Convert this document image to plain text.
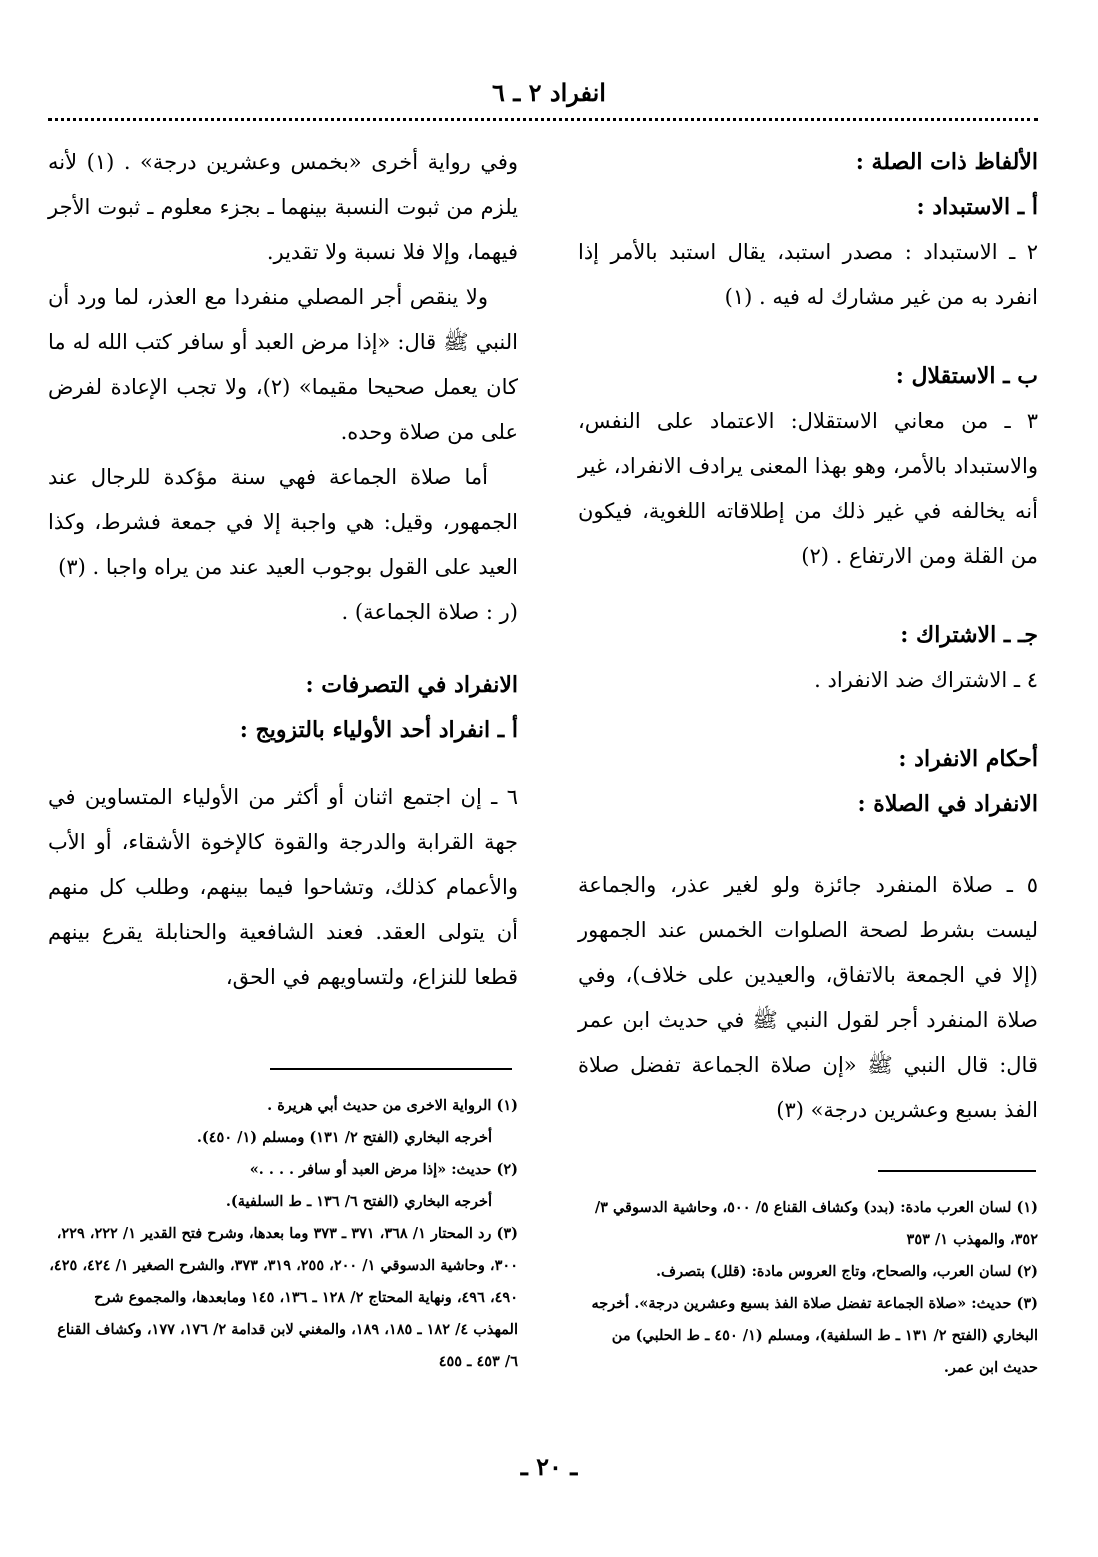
انفراد ٢ ـ ٦

الألفاظ ذات الصلة :

أ ـ الاستبداد :

٢ ـ الاستبداد : مصدر استبد، يقال استبد بالأمر إذا انفرد به من غير مشارك له فيه . (١)

ب ـ الاستقلال :

٣ ـ من معاني الاستقلال: الاعتماد على النفس، والاستبداد بالأمر، وهو بهذا المعنى يرادف الانفراد، غير أنه يخالفه في غير ذلك من إطلاقاته اللغوية، فيكون من القلة ومن الارتفاع . (٢)

جـ ـ الاشتراك :

٤ ـ الاشتراك ضد الانفراد .

أحكام الانفراد :

الانفراد في الصلاة :

٥ ـ صلاة المنفرد جائزة ولو لغير عذر، والجماعة ليست بشرط لصحة الصلوات الخمس عند الجمهور (إلا في الجمعة بالاتفاق، والعيدين على خلاف)، وفي صلاة المنفرد أجر لقول النبي ﷺ في حديث ابن عمر قال: قال النبي ﷺ «إن صلاة الجماعة تفضل صلاة الفذ بسبع وعشرين درجة» (٣)

وفي رواية أخرى «بخمس وعشرين درجة» . (١) لأنه يلزم من ثبوت النسبة بينهما ـ بجزء معلوم ـ ثبوت الأجر فيهما، وإلا فلا نسبة ولا تقدير.

ولا ينقص أجر المصلي منفردا مع العذر، لما ورد أن النبي ﷺ قال: «إذا مرض العبد أو سافر كتب الله له ما كان يعمل صحيحا مقيما» (٢)، ولا تجب الإعادة لفرض على من صلاة وحده.

أما صلاة الجماعة فهي سنة مؤكدة للرجال عند الجمهور، وقيل: هي واجبة إلا في جمعة فشرط، وكذا العيد على القول بوجوب العيد عند من يراه واجبا . (٣)

(ر : صلاة الجماعة) .

الانفراد في التصرفات :

أ ـ انفراد أحد الأولياء بالتزويج :

٦ ـ إن اجتمع اثنان أو أكثر من الأولياء المتساوين في جهة القرابة والدرجة والقوة كالإخوة الأشقاء، أو الأب والأعمام كذلك، وتشاحوا فيما بينهم، وطلب كل منهم أن يتولى العقد. فعند الشافعية والحنابلة يقرع بينهم قطعا للنزاع، ولتساويهم في الحق،

(١) لسان العرب مادة: (بدد) وكشاف القناع ٥/ ٥٠٠، وحاشية الدسوقي ٣/ ٣٥٢، والمهذب ١/ ٣٥٣

(٢) لسان العرب، والصحاح، وتاج العروس مادة: (قلل) بتصرف.

(٣) حديث: «صلاة الجماعة تفضل صلاة الفذ بسبع وعشرين درجة». أخرجه البخاري (الفتح ٢/ ١٣١ ـ ط السلفية)، ومسلم (١/ ٤٥٠ ـ ط الحلبي) من حديث ابن عمر.

(١) الرواية الاخرى من حديث أبي هريرة .

أخرجه البخاري (الفتح ٢/ ١٣١) ومسلم (١/ ٤٥٠).

(٢) حديث: «إذا مرض العبد أو سافر . . . .»

أخرجه البخاري (الفتح ٦/ ١٣٦ ـ ط السلفية).

(٣) رد المحتار ١/ ٣٦٨، ٣٧١ ـ ٣٧٣ وما بعدها، وشرح فتح القدير ١/ ٢٢٢، ٢٢٩، ٣٠٠، وحاشية الدسوقي ١/ ٢٠٠، ٢٥٥، ٣١٩، ٣٧٣، والشرح الصغير ١/ ٤٢٤، ٤٢٥، ٤٩٠، ٤٩٦، ونهاية المحتاج ٢/ ١٢٨ ـ ١٣٦، ١٤٥ ومابعدها، والمجموع شرح المهذب ٤/ ١٨٢ ـ ١٨٥، ١٨٩، والمغني لابن قدامة ٢/ ١٧٦، ١٧٧، وكشاف القناع ٦/ ٤٥٣ ـ ٤٥٥

ـ ٢٠ ـ
